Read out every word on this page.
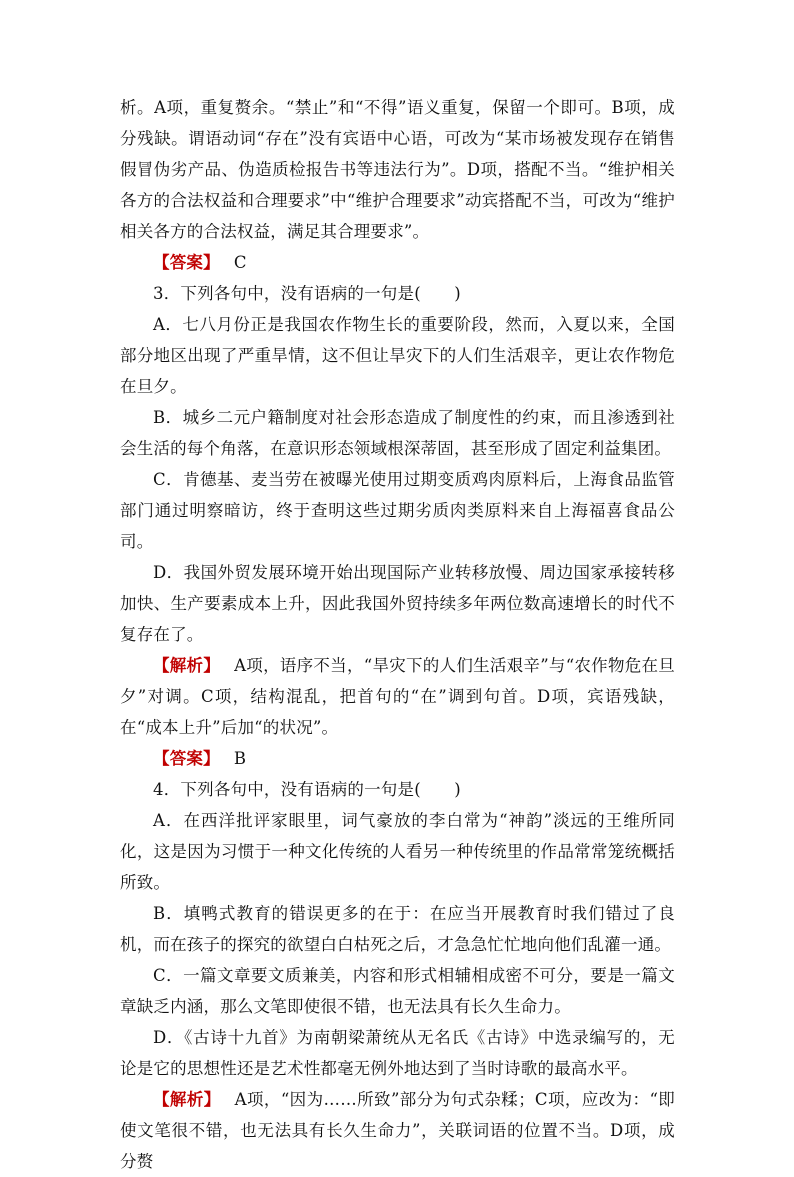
析。A项，重复赘余。“禁止”和“不得”语义重复，保留一个即可。B项，成分残缺。谓语动词“存在”没有宾语中心语，可改为“某市场被发现存在销售假冒伪劣产品、伪造质检报告书等违法行为”。D项，搭配不当。“维护相关各方的合法权益和合理要求”中“维护合理要求”动宾搭配不当，可改为“维护相关各方的合法权益，满足其合理要求”。

【答案】 C

3．下列各句中，没有语病的一句是(　　)

A．七八月份正是我国农作物生长的重要阶段，然而，入夏以来，全国部分地区出现了严重旱情，这不但让旱灾下的人们生活艰辛，更让农作物危在旦夕。

B．城乡二元户籍制度对社会形态造成了制度性的约束，而且渗透到社会生活的每个角落，在意识形态领域根深蒂固，甚至形成了固定利益集团。

C．肯德基、麦当劳在被曝光使用过期变质鸡肉原料后，上海食品监管部门通过明察暗访，终于查明这些过期劣质肉类原料来自上海福喜食品公司。

D．我国外贸发展环境开始出现国际产业转移放慢、周边国家承接转移加快、生产要素成本上升，因此我国外贸持续多年两位数高速增长的时代不复存在了。

【解析】 A项，语序不当，“旱灾下的人们生活艰辛”与“农作物危在旦夕”对调。C项，结构混乱，把首句的“在”调到句首。D项，宾语残缺，在“成本上升”后加“的状况”。

【答案】 B

4．下列各句中，没有语病的一句是(　　)

A．在西洋批评家眼里，词气豪放的李白常为“神韵”淡远的王维所同化，这是因为习惯于一种文化传统的人看另一种传统里的作品常常笼统概括所致。

B．填鸭式教育的错误更多的在于：在应当开展教育时我们错过了良机，而在孩子的探究的欲望白白枯死之后，才急急忙忙地向他们乱灌一通。

C．一篇文章要文质兼美，内容和形式相辅相成密不可分，要是一篇文章缺乏内涵，那么文笔即使很不错，也无法具有长久生命力。

D．《古诗十九首》为南朝梁萧统从无名氏《古诗》中选录编写的，无论是它的思想性还是艺术性都毫无例外地达到了当时诗歌的最高水平。

【解析】 A项，“因为……所致”部分为句式杂糅；C项，应改为：“即使文笔很不错，也无法具有长久生命力”，关联词语的位置不当。D项，成分赘
